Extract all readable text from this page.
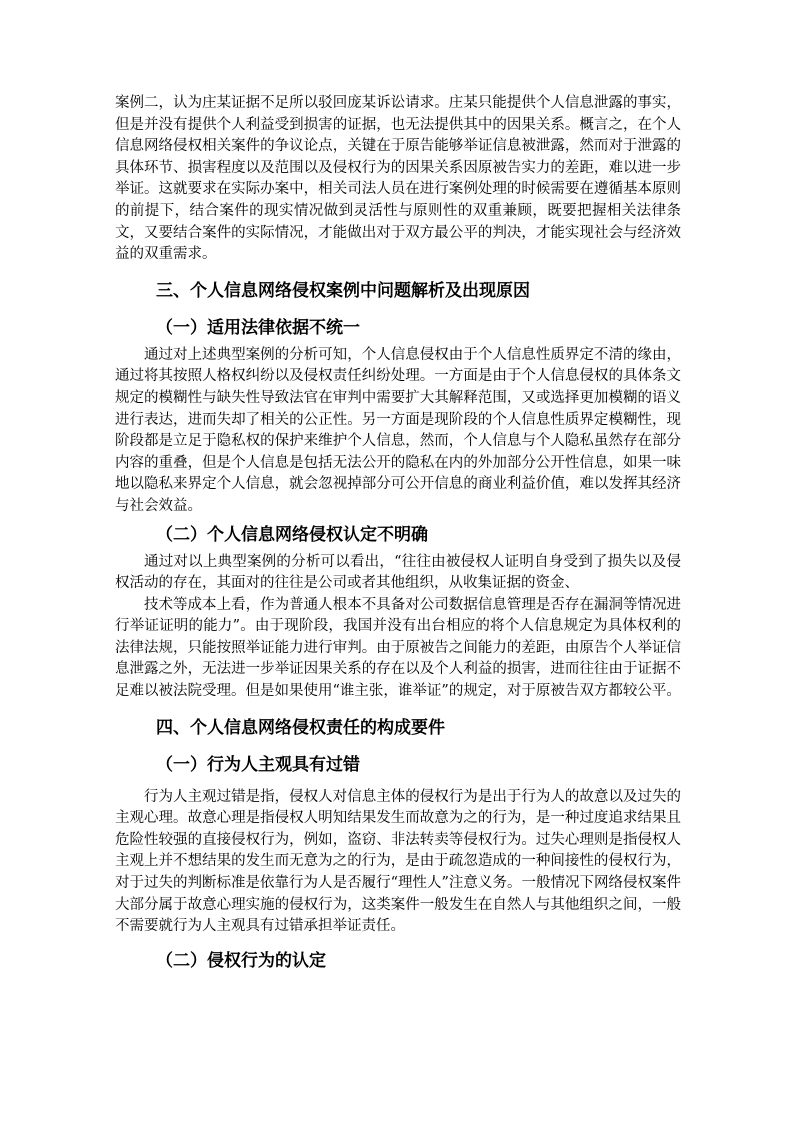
案例二，认为庄某证据不足所以驳回庞某诉讼请求。庄某只能提供个人信息泄露的事实，但是并没有提供个人利益受到损害的证据，也无法提供其中的因果关系。概言之，在个人信息网络侵权相关案件的争议论点，关键在于原告能够举证信息被泄露，然而对于泄露的具体环节、损害程度以及范围以及侵权行为的因果关系因原被告实力的差距，难以进一步举证。这就要求在实际办案中，相关司法人员在进行案例处理的时候需要在遵循基本原则的前提下，结合案件的现实情况做到灵活性与原则性的双重兼顾，既要把握相关法律条文，又要结合案件的实际情况，才能做出对于双方最公平的判决，才能实现社会与经济效益的双重需求。

三、个人信息网络侵权案例中问题解析及出现原因
（一）适用法律依据不统一

通过对上述典型案例的分析可知，个人信息侵权由于个人信息性质界定不清的缘由，通过将其按照人格权纠纷以及侵权责任纠纷处理。一方面是由于个人信息侵权的具体条文规定的模糊性与缺失性导致法官在审判中需要扩大其解释范围，又或选择更加模糊的语义进行表达，进而失却了相关的公正性。另一方面是现阶段的个人信息性质界定模糊性，现阶段都是立足于隐私权的保护来维护个人信息，然而，个人信息与个人隐私虽然存在部分内容的重叠，但是个人信息是包括无法公开的隐私在内的外加部分公开性信息，如果一味地以隐私来界定个人信息，就会忽视掉部分可公开信息的商业利益价值，难以发挥其经济与社会效益。

（二）个人信息网络侵权认定不明确

通过对以上典型案例的分析可以看出，“往往由被侵权人证明自身受到了损失以及侵权活动的存在，其面对的往往是公司或者其他组织，从收集证据的资金、

技术等成本上看，作为普通人根本不具备对公司数据信息管理是否存在漏洞等情况进行举证证明的能力”。由于现阶段，我国并没有出台相应的将个人信息规定为具体权利的法律法规，只能按照举证能力进行审判。由于原被告之间能力的差距，由原告个人举证信息泄露之外，无法进一步举证因果关系的存在以及个人利益的损害，进而往往由于证据不足难以被法院受理。但是如果使用“谁主张，谁举证”的规定，对于原被告双方都较公平。

四、个人信息网络侵权责任的构成要件
（一）行为人主观具有过错

行为人主观过错是指，侵权人对信息主体的侵权行为是出于行为人的故意以及过失的主观心理。故意心理是指侵权人明知结果发生而故意为之的行为，是一种过度追求结果且危险性较强的直接侵权行为，例如，盗窃、非法转卖等侵权行为。过失心理则是指侵权人主观上并不想结果的发生而无意为之的行为，是由于疏忽造成的一种间接性的侵权行为，对于过失的判断标准是依靠行为人是否履行“理性人”注意义务。一般情况下网络侵权案件大部分属于故意心理实施的侵权行为，这类案件一般发生在自然人与其他组织之间，一般不需要就行为人主观具有过错承担举证责任。

（二）侵权行为的认定
